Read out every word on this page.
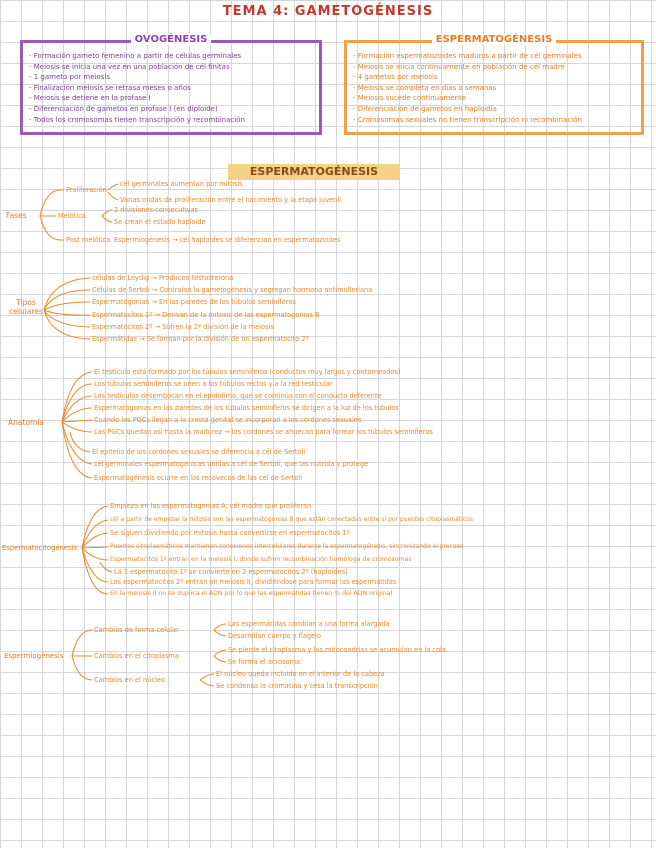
TEMA 4: GAMETOGÉNESIS
OVOGÉNESIS
- Formación gameto femenino a partir de células germinales
- Meiosis se inicia una vez en una población de cél finitas
- 1 gameto por meiosis
- Finalización meiosis se retrasa meses o años
- Meiosis se detiene en la profase I
- Diferenciación de gametos en profase I (en diploide)
- Todos los cromosomas tienen transcripción y recombinación
ESPERMATOGÉNESIS
- Formación espermatozoides maduros a partir de cél germinales
- Meiosis se inicia continuamente en población de cél madre
- 4 gametos por meiosis
- Meiosis se completa en días o semanas
- Meiosis sucede continuamente
- Diferenciación de gametos en haploidía
- Cromosomas sexuales no tienen transcripción ni recombinación
ESPERMATOGÉNESIS
Fases
Proliferación
cél germinales aumentan por mitosis
Varias ondas de proliferación entre el nacimiento y la etapa juvenil
Meiótica
2 divisiones consecutivas
Se crean el estado haploide
Post meiótica Espermiogénesis → cél haploides se diferencian en espermatozoides
Tipos celulares
células de Leydig → Producen testosterona
Células de Sertoli → Controlan la gametogénesis y segregan hormona antimülleriana
Espermatogonias → En las paredes de los túbulos seminíferos
Espermatocitos 1º → Derivan de la mitosis de las espermatogonias B
Espermatocitos 2º → Sufren la 2ª división de la meiosis
Espermátidas → Se forman por la división de un espermatocito 2º
Anatomía
El testículo está formado por los túbulos seminíferos (conductos muy largos y contorneados)
Los túbulos seminíferos se unen a los túbulos rectos y a la red testicular
Los testículos desembocan en el epidídimo, que se continúa con el conducto deferente
Espermatogonias en las paredes de los túbulos seminíferos se dirigen a la luz de los túbulos
Cuando las PGCs llegan a la cresta genital se incorporan a los cordones sexuales
Las PGCs quedan así hasta la madurez → los cordones se ahuecan para formar los túbulos seminíferos
El epitelio de los cordones sexuales se diferencia a cél de Sertoli
cél germinales espermatogénicas unidas a cél de Sertoli, que las nutrida y protege
Espermatogénesis ocurre en los recovecos de las cél de Sertoli
Espermatocitogénesis
Empieza en las espermatogonias A, cél madre que proliferan
cél a partir de empezar la mitosis son las espermatogonias B que están conectadas entre sí por puentes citoplasmáticos
Se siguen dividiendo por mitosis hasta convertirse en espermatocitos 1º
Puentes citoplasmáticos mantienen conexiones intercelulares durante la espermatogénesis, sincronizando el proceso
Espermatocitos 1º entran en la meiosis I, donde sufren recombinación homóloga de cromosomas
La 1 espermatocito 1º se convierte en 2 espermatocitos 2º (haploides)
Los espermatocitos 2º entran en meiosis II, dividiéndose para formar las espermátidas
En la meiosis II no se duplica el ADN por lo que las espermátidas tienen ½ del ADN original
Espermiogénesis
Cambios de forma celular
Las espermátidas cambian a una forma alargada
Desarrollan cuerpo y flagelo
Cambios en el citoplasma
Se pierde el citoplasma y las mitocondrias se acumulan en la cola
Se forma el acrosoma
Cambios en el núcleo
El núcleo queda incluido en el interior de la cabeza
Se condensa la cromatina y cesa la transcripción
